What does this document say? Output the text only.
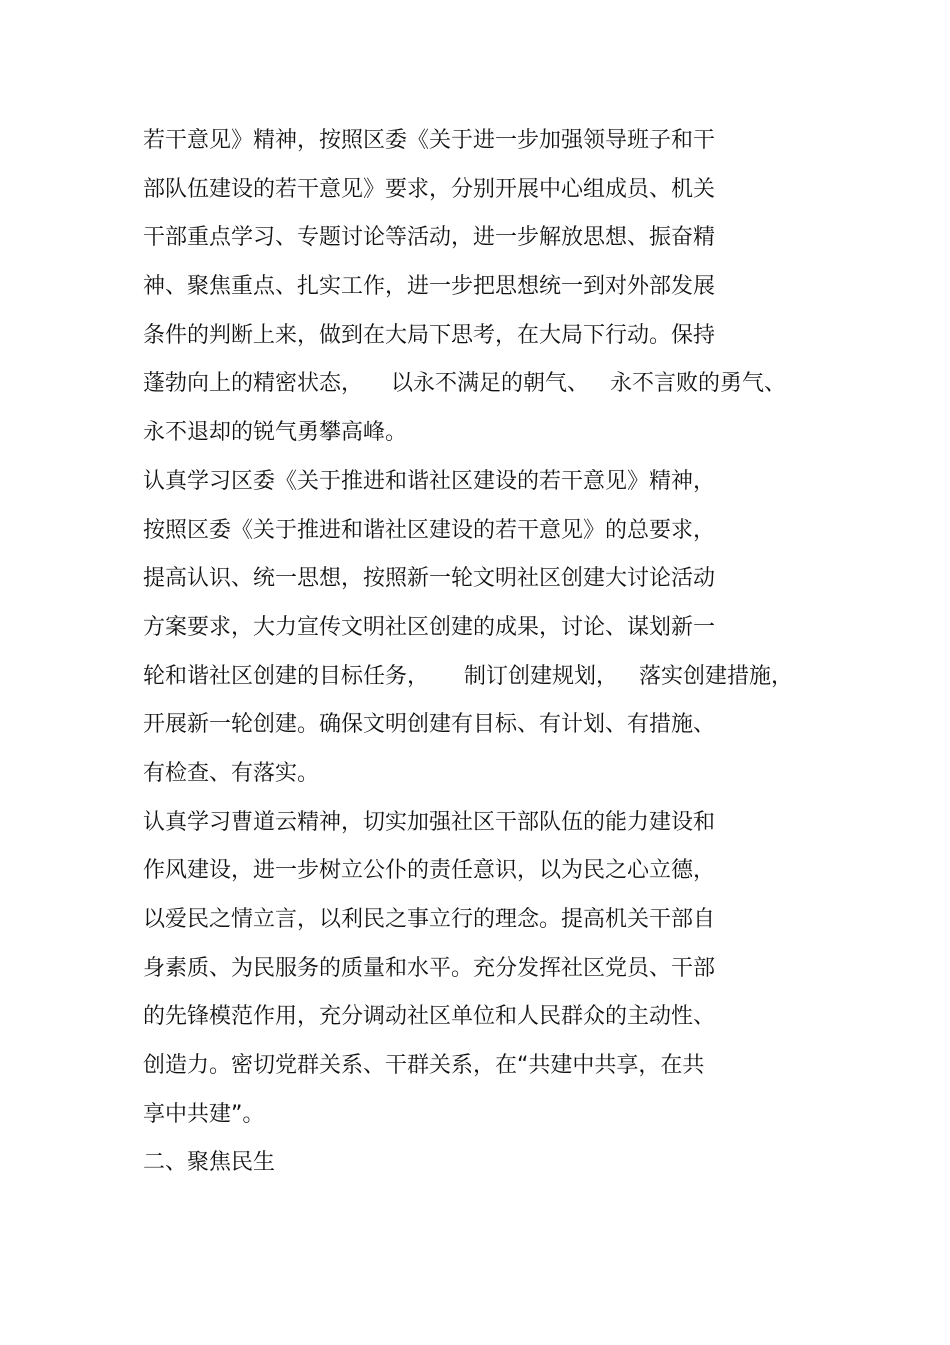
若干意见》精神，按照区委《关于进一步加强领导班子和干
部队伍建设的若干意见》要求，分别开展中心组成员、机关
干部重点学习、专题讨论等活动，进一步解放思想、振奋精
神、聚焦重点、扎实工作，进一步把思想统一到对外部发展
条件的判断上来，做到在大局下思考，在大局下行动。保持
蓬勃向上的精密状态，    以永不满足的朝气、   永不言败的勇气、
永不退却的锐气勇攀高峰。
认真学习区委《关于推进和谐社区建设的若干意见》精神，
按照区委《关于推进和谐社区建设的若干意见》的总要求，
提高认识、统一思想，按照新一轮文明社区创建大讨论活动
方案要求，大力宣传文明社区创建的成果，讨论、谋划新一
轮和谐社区创建的目标任务，     制订创建规划，   落实创建措施，
开展新一轮创建。确保文明创建有目标、有计划、有措施、
有检查、有落实。
认真学习曹道云精神，切实加强社区干部队伍的能力建设和
作风建设，进一步树立公仆的责任意识，以为民之心立德，
以爱民之情立言，以利民之事立行的理念。提高机关干部自
身素质、为民服务的质量和水平。充分发挥社区党员、干部
的先锋模范作用，充分调动社区单位和人民群众的主动性、
创造力。密切党群关系、干群关系，在“共建中共享，在共
享中共建”。
二、聚焦民生
